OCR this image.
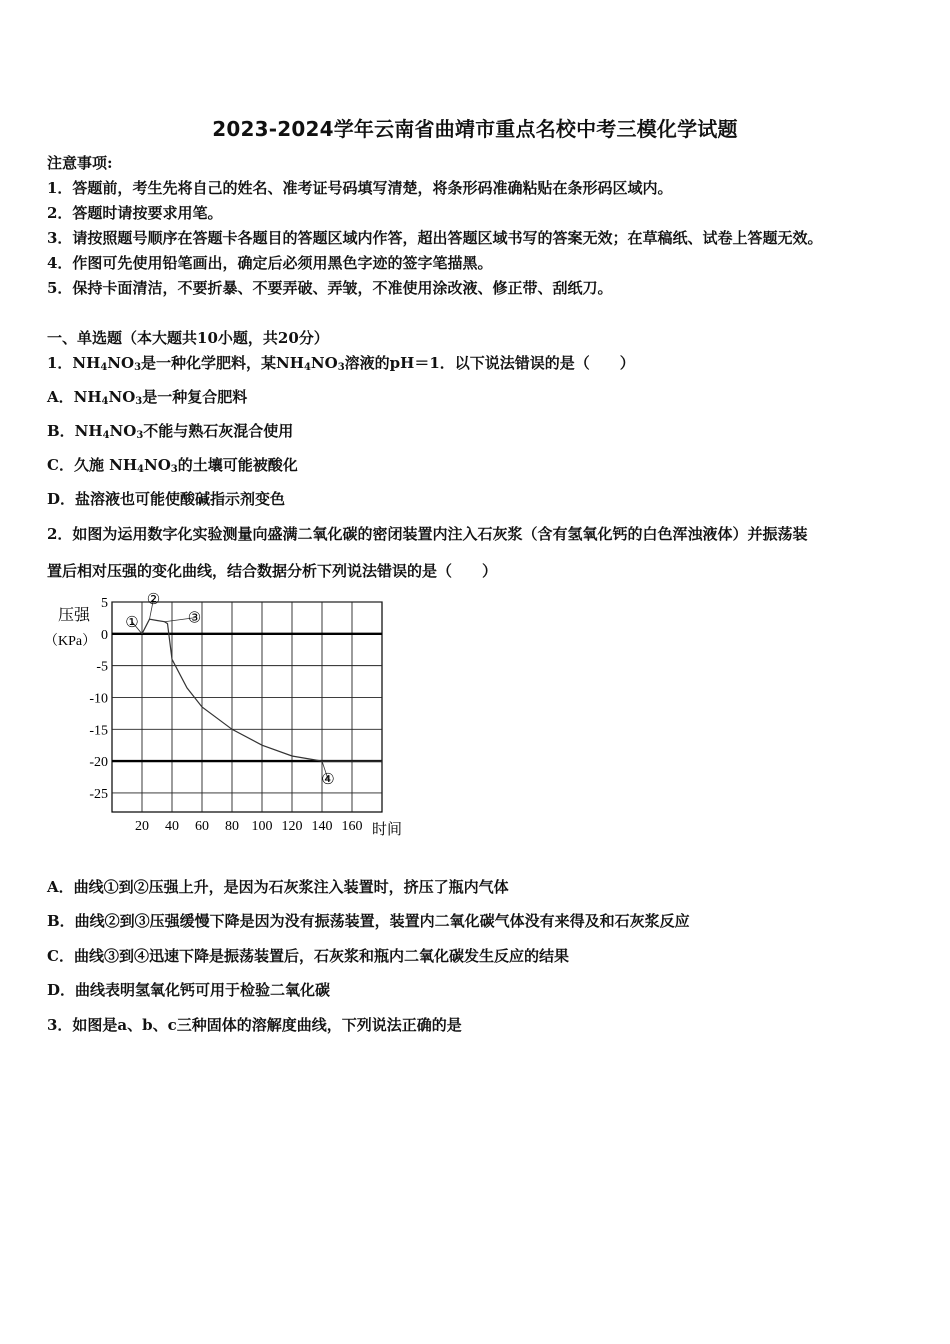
2023-2024学年云南省曲靖市重点名校中考三模化学试题
注意事项:
1．答题前，考生先将自己的姓名、准考证号码填写清楚，将条形码准确粘贴在条形码区域内。
2．答题时请按要求用笔。
3．请按照题号顺序在答题卡各题目的答题区域内作答，超出答题区域书写的答案无效；在草稿纸、试卷上答题无效。
4．作图可先使用铅笔画出，确定后必须用黑色字迹的签字笔描黑。
5．保持卡面清洁，不要折暴、不要弄破、弄皱，不准使用涂改液、修正带、刮纸刀。
一、单选题（本大题共10小题，共20分）
1．$NH_4NO_3$是一种化学肥料，某$NH_4NO_3$溶液的pH＝1．以下说法错误的是（　　）
A．$NH_4NO_3$是一种复合肥料
B．$NH_4NO_3$不能与熟石灰混合使用
C．久施 $NH_4NO_3$的土壤可能被酸化
D．盐溶液也可能使酸碱指示剂变色
2．如图为运用数字化实验测量向盛满二氧化碳的密闭装置内注入石灰浆（含有氢氧化钙的白色浑浊液体）并振荡装
置后相对压强的变化曲线，结合数据分析下列说法错误的是（　　）
5
0
-5
-10
-15
-20
-25
20 40 60 80 100 120 140 160
①
②
③
④
压强
（KPa）
时间
A．曲线①到②压强上升，是因为石灰浆注入装置时，挤压了瓶内气体
B．曲线②到③压强缓慢下降是因为没有振荡装置，装置内二氧化碳气体没有来得及和石灰浆反应
C．曲线③到④迅速下降是振荡装置后，石灰浆和瓶内二氧化碳发生反应的结果
D．曲线表明氢氧化钙可用于检验二氧化碳
3．如图是a、b、c三种固体的溶解度曲线，下列说法正确的是
